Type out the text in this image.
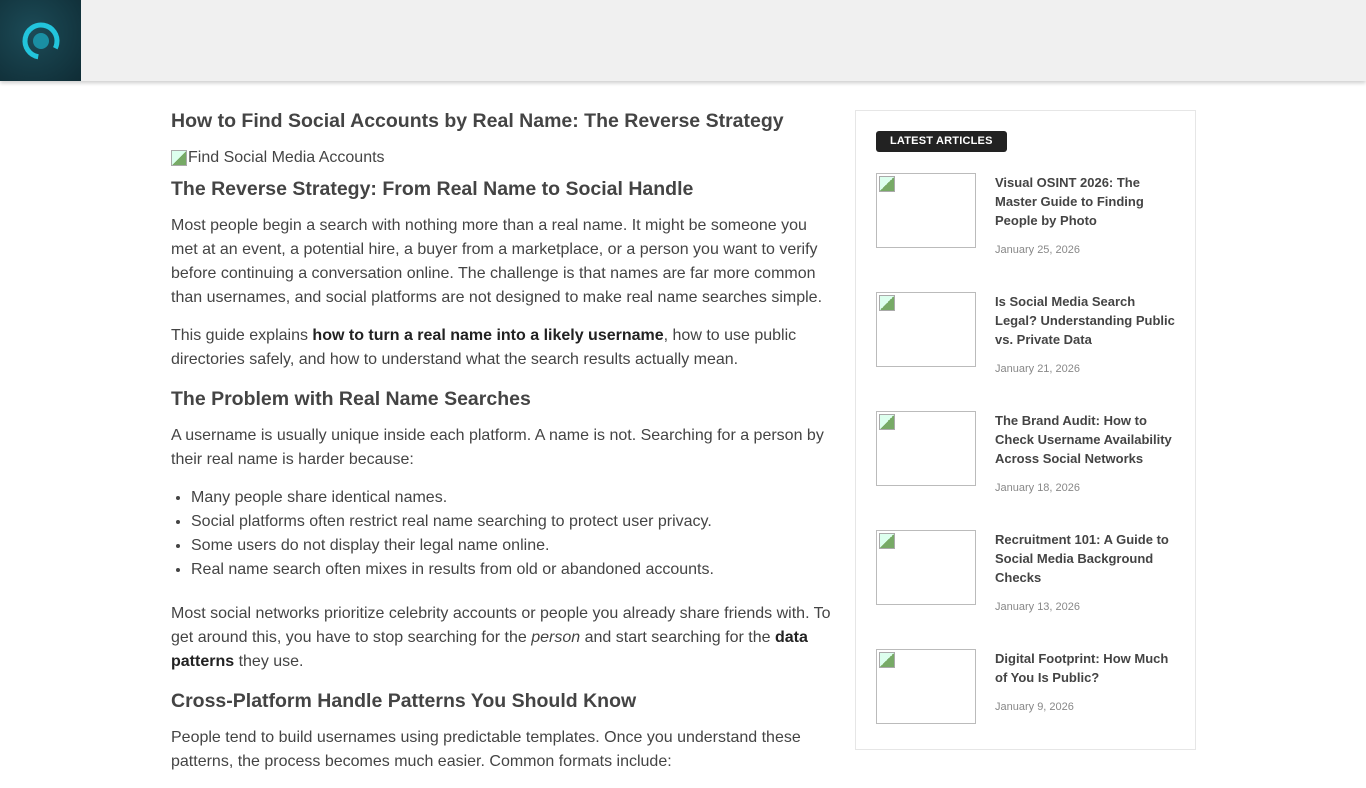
How to Find Social Accounts by Real Name: The Reverse Strategy
Find Social Media Accounts
The Reverse Strategy: From Real Name to Social Handle

Most people begin a search with nothing more than a real name. It might be someone you met at an event, a potential hire, a buyer from a marketplace, or a person you want to verify before continuing a conversation online. The challenge is that names are far more common than usernames, and social platforms are not designed to make real name searches simple.

This guide explains how to turn a real name into a likely username, how to use public directories safely, and how to understand what the search results actually mean.

The Problem with Real Name Searches

A username is usually unique inside each platform. A name is not. Searching for a person by their real name is harder because:

• Many people share identical names.
• Social platforms often restrict real name searching to protect user privacy.
• Some users do not display their legal name online.
• Real name search often mixes in results from old or abandoned accounts.

Most social networks prioritize celebrity accounts or people you already share friends with. To get around this, you have to stop searching for the person and start searching for the data patterns they use.

Cross-Platform Handle Patterns You Should Know

People tend to build usernames using predictable templates. Once you understand these patterns, the process becomes much easier. Common formats include:

LATEST ARTICLES
Visual OSINT 2026: The Master Guide to Finding People by Photo
January 25, 2026
Is Social Media Search Legal? Understanding Public vs. Private Data
January 21, 2026
The Brand Audit: How to Check Username Availability Across Social Networks
January 18, 2026
Recruitment 101: A Guide to Social Media Background Checks
January 13, 2026
Digital Footprint: How Much of You Is Public?
January 9, 2026
